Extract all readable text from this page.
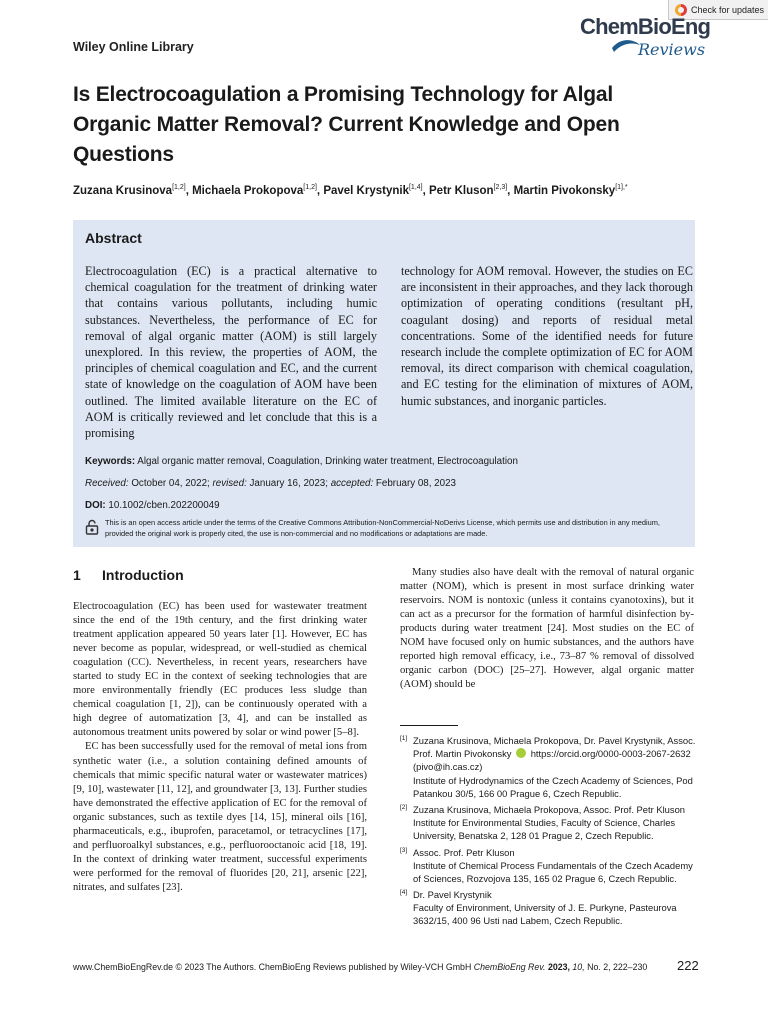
Check for updates
ChemBioEng
Reviews
Wiley Online Library
Is Electrocoagulation a Promising Technology for Algal Organic Matter Removal? Current Knowledge and Open Questions
Zuzana Krusinova[1,2], Michaela Prokopova[1,2], Pavel Krystynik[1,4], Petr Kluson[2,3], Martin Pivokonsky$^{[1],*}$
Abstract

Electrocoagulation (EC) is a practical alternative to chemical coagulation for the treatment of drinking water that contains various pollutants, including humic substances. Nevertheless, the performance of EC for removal of algal organic matter (AOM) is still largely unexplored. In this review, the properties of AOM, the principles of chemical coagulation and EC, and the current state of knowledge on the coagulation of AOM have been outlined. The limited available literature on the EC of AOM is critically reviewed and let conclude that this is a promising

technology for AOM removal. However, the studies on EC are inconsistent in their approaches, and they lack thorough optimization of operating conditions (resultant pH, coagulant dosing) and reports of residual metal concentrations. Some of the identified needs for future research include the complete optimization of EC for AOM removal, its direct comparison with chemical coagulation, and EC testing for the elimination of mixtures of AOM, humic substances, and inorganic particles.

Keywords: Algal organic matter removal, Coagulation, Drinking water treatment, Electrocoagulation
Received: October 04, 2022; revised: January 16, 2023; accepted: February 08, 2023
DOI: 10.1002/cben.202200049

This is an open access article under the terms of the Creative Commons Attribution-NonCommercial-NoDerivs License, which permits use and distribution in any medium, provided the original work is properly cited, the use is non-commercial and no modifications or adaptations are made.

1 Introduction

Electrocoagulation (EC) has been used for wastewater treatment since the end of the 19th century, and the first drinking water treatment application appeared 50 years later [1]. However, EC has never become as popular, widespread, or well-studied as chemical coagulation (CC). Nevertheless, in recent years, researchers have started to study EC in the context of seeking technologies that are more environmentally friendly (EC produces less sludge than chemical coagulation [1, 2]), can be continuously operated with a high degree of automatization [3, 4], and can be installed as autonomous treatment units powered by solar or wind power [5–8].

EC has been successfully used for the removal of metal ions from synthetic water (i.e., a solution containing defined amounts of chemicals that mimic specific natural water or wastewater matrices) [9, 10], wastewater [11, 12], and groundwater [3, 13]. Further studies have demonstrated the effective application of EC for the removal of organic substances, such as textile dyes [14, 15], mineral oils [16], pharmaceuticals, e.g., ibuprofen, paracetamol, or tetracyclines [17], and perfluoroalkyl substances, e.g., perfluorooctanoic acid [18, 19]. In the context of drinking water treatment, successful experiments were performed for the removal of fluorides [20, 21], arsenic [22], nitrates, and sulfates [23].

Many studies also have dealt with the removal of natural organic matter (NOM), which is present in most surface drinking water reservoirs. NOM is nontoxic (unless it contains cyanotoxins), but it can act as a precursor for the formation of harmful disinfection by-products during water treatment [24]. Most studies on the EC of NOM have focused only on humic substances, and the authors have reported high removal efficacy, i.e., 73–87 % removal of dissolved organic carbon (DOC) [25–27]. However, algal organic matter (AOM) should be

[1] Zuzana Krusinova, Michaela Prokopova, Dr. Pavel Krystynik, Assoc.
Prof. Martin Pivokonsky https://orcid.org/0000-0003-2067-2632
(pivo@ih.cas.cz)
Institute of Hydrodynamics of the Czech Academy of Sciences, Pod Patankou 30/5, 166 00 Prague 6, Czech Republic.
[2] Zuzana Krusinova, Michaela Prokopova, Assoc. Prof. Petr Kluson
Institute for Environmental Studies, Faculty of Science, Charles University, Benatska 2, 128 01 Prague 2, Czech Republic.
[3] Assoc. Prof. Petr Kluson
Institute of Chemical Process Fundamentals of the Czech Academy of Sciences, Rozvojova 135, 165 02 Prague 6, Czech Republic.
[4] Dr. Pavel Krystynik
Faculty of Environment, University of J. E. Purkyne, Pasteurova 3632/15, 400 96 Usti nad Labem, Czech Republic.
www.ChemBioEngRev.de © 2023 The Authors. ChemBioEng Reviews published by Wiley-VCH GmbH ChemBioEng Rev. 2023, 10, No. 2, 222–230 222
